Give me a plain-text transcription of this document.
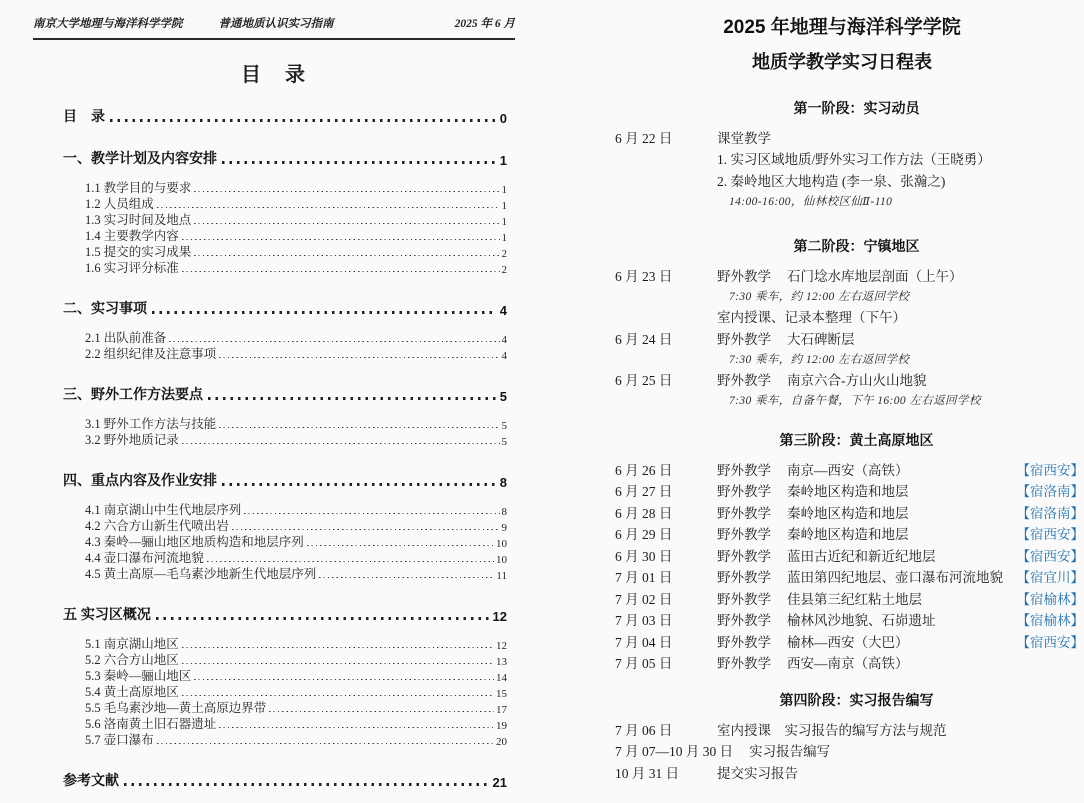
南京大学地理与海洋科学学院	普通地质认识实习指南	2025 年 6 月
目　录
目　录	0
一、教学计划及内容安排	1
1.1 教学目的与要求	1
1.2 人员组成	1
1.3 实习时间及地点	1
1.4 主要教学内容	1
1.5 提交的实习成果	2
1.6 实习评分标准	2
二、实习事项	4
2.1 出队前准备	4
2.2 组织纪律及注意事项	4
三、野外工作方法要点	5
3.1 野外工作方法与技能	5
3.2 野外地质记录	5
四、重点内容及作业安排	8
4.1 南京湖山中生代地层序列	8
4.2 六合方山新生代喷出岩	9
4.3 秦岭—骊山地区地质构造和地层序列	10
4.4 壶口瀑布河流地貌	10
4.5 黄土高原—毛乌素沙地新生代地层序列	11
五 实习区概况	12
5.1 南京湖山地区	12
5.2 六合方山地区	13
5.3 秦岭—骊山地区	14
5.4 黄土高原地区	15
5.5 毛乌素沙地—黄土高原边界带	17
5.6 洛南黄土旧石器遗址	19
5.7 壶口瀑布	20
参考文献	21
2025 年地理与海洋科学学院
地质学教学实习日程表
第一阶段：实习动员
6 月 22 日	课堂教学
1. 实习区域地质/野外实习工作方法（王晓勇）
2. 秦岭地区大地构造 (李一泉、张瀚之)
14:00-16:00，仙林校区仙Ⅱ-110
第二阶段：宁镇地区
6 月 23 日	野外教学	石门埝水库地层剖面（上午）
7:30 乘车，约 12:00 左右返回学校
室内授课、记录本整理（下午）
6 月 24 日	野外教学	大石碑断层
7:30 乘车，约 12:00 左右返回学校
6 月 25 日	野外教学	南京六合-方山火山地貌
7:30 乘车，自备午餐，下午 16:00 左右返回学校
第三阶段：黄土高原地区
6 月 26 日	野外教学	南京—西安（高铁）	【宿西安】
6 月 27 日	野外教学	秦岭地区构造和地层	【宿洛南】
6 月 28 日	野外教学	秦岭地区构造和地层	【宿洛南】
6 月 29 日	野外教学	秦岭地区构造和地层	【宿西安】
6 月 30 日	野外教学	蓝田古近纪和新近纪地层	【宿西安】
7 月 01 日	野外教学	蓝田第四纪地层、壶口瀑布河流地貌 【宿宜川】
7 月 02 日	野外教学	佳县第三纪红粘土地层	【宿榆林】
7 月 03 日	野外教学	榆林风沙地貌、石峁遗址	【宿榆林】
7 月 04 日	野外教学	榆林—西安（大巴）	【宿西安】
7 月 05 日	野外教学	西安—南京（高铁）
第四阶段：实习报告编写
7 月 06 日	室内授课　实习报告的编写方法与规范
7 月 07—10 月 30 日 实习报告编写
10 月 31 日	提交实习报告
